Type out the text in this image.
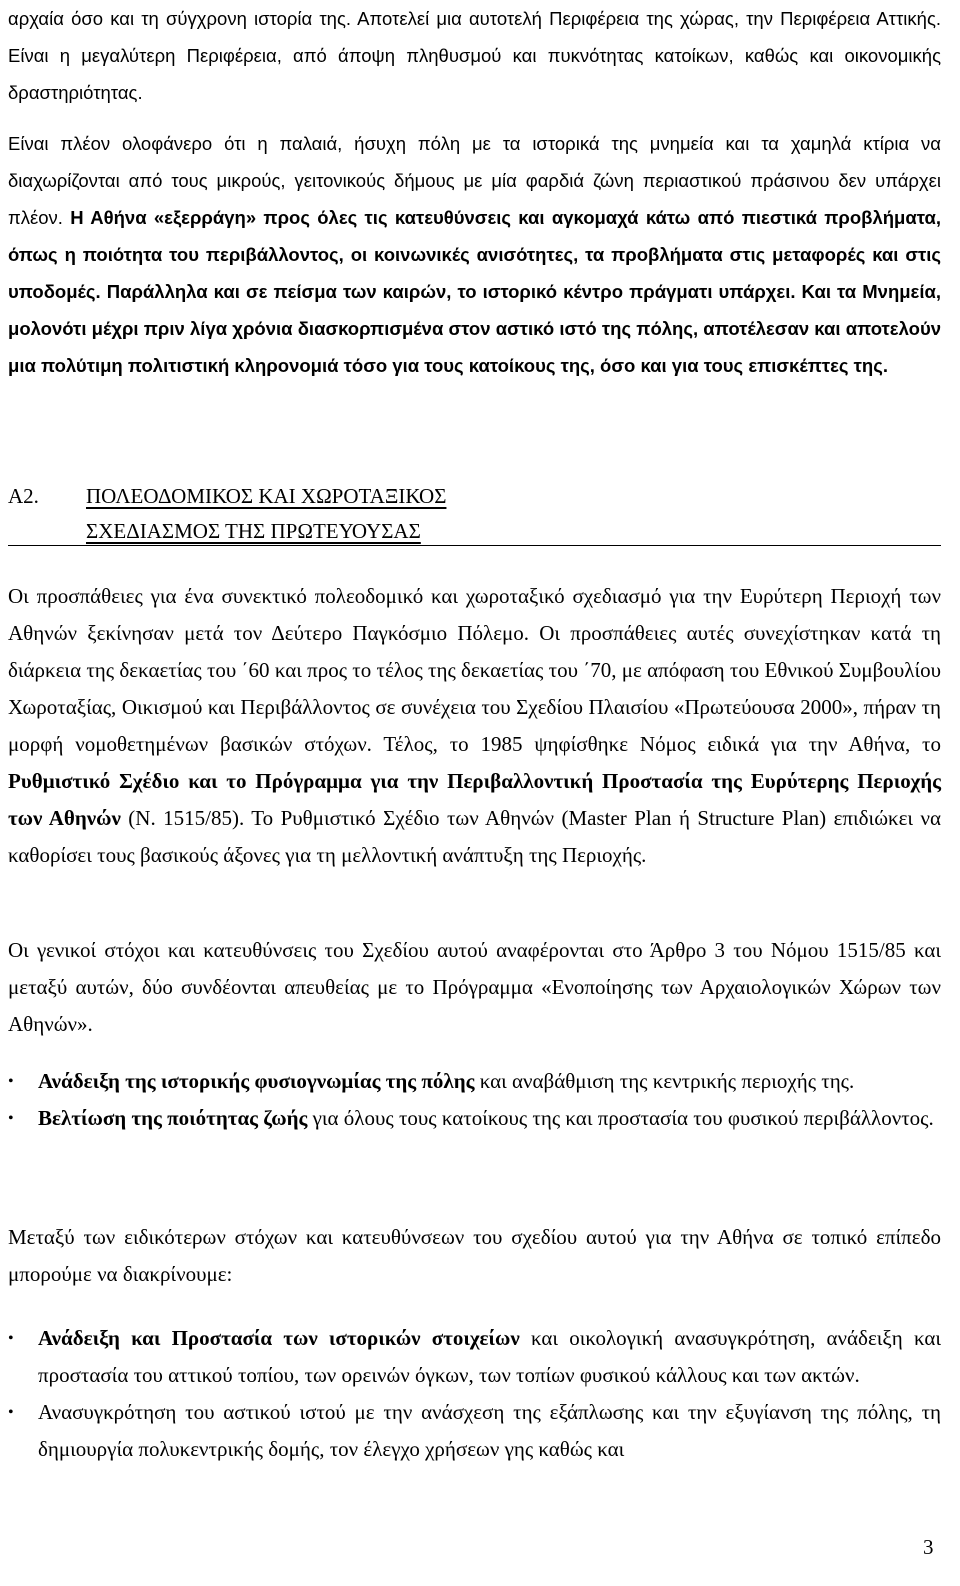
αρχαία όσο και τη σύγχρονη ιστορία της. Αποτελεί μια αυτοτελή Περιφέρεια της χώρας, την Περιφέρεια Αττικής. Είναι η μεγαλύτερη Περιφέρεια, από άποψη πληθυσμού και πυκνότητας κατοίκων, καθώς και οικονομικής δραστηριότητας.

Είναι πλέον ολοφάνερο ότι η παλαιά, ήσυχη πόλη με τα ιστορικά της μνημεία και τα χαμηλά κτίρια να διαχωρίζονται από τους μικρούς, γειτονικούς δήμους με μία φαρδιά ζώνη περιαστικού πράσινου δεν υπάρχει πλέον. Η Αθήνα «εξερράγη» προς όλες τις κατευθύνσεις και αγκομαχά κάτω από πιεστικά προβλήματα, όπως η ποιότητα του περιβάλλοντος, οι κοινωνικές ανισότητες, τα προβλήματα στις μεταφορές και στις υποδομές. Παράλληλα και σε πείσμα των καιρών, το ιστορικό κέντρο πράγματι υπάρχει. Και τα Μνημεία, μολονότι μέχρι πριν λίγα χρόνια διασκορπισμένα στον αστικό ιστό της πόλης, αποτέλεσαν και αποτελούν μια πολύτιμη πολιτιστική κληρονομιά τόσο για τους κατοίκους της, όσο και για τους επισκέπτες της.

Α2. ΠΟΛΕΟΔΟΜΙΚΟΣ ΚΑΙ ΧΩΡΟΤΑΞΙΚΟΣ
ΣΧΕΔΙΑΣΜΟΣ ΤΗΣ ΠΡΩΤΕΥΟΥΣΑΣ

Οι προσπάθειες για ένα συνεκτικό πολεοδομικό και χωροταξικό σχεδιασμό για την Ευρύτερη Περιοχή των Αθηνών ξεκίνησαν μετά τον Δεύτερο Παγκόσμιο Πόλεμο. Οι προσπάθειες αυτές συνεχίστηκαν κατά τη διάρκεια της δεκαετίας του ΄60 και προς το τέλος της δεκαετίας του ΄70, με απόφαση του Εθνικού Συμβουλίου Χωροταξίας, Οικισμού και Περιβάλλοντος σε συνέχεια του Σχεδίου Πλαισίου «Πρωτεύουσα 2000», πήραν τη μορφή νομοθετημένων βασικών στόχων. Τέλος, το 1985 ψηφίσθηκε Νόμος ειδικά για την Αθήνα, το Ρυθμιστικό Σχέδιο και το Πρόγραμμα για την Περιβαλλοντική Προστασία της Ευρύτερης Περιοχής των Αθηνών (Ν. 1515/85). Το Ρυθμιστικό Σχέδιο των Αθηνών (Master Plan ή Structure Plan) επιδιώκει να καθορίσει τους βασικούς άξονες για τη μελλοντική ανάπτυξη της Περιοχής.

Οι γενικοί στόχοι και κατευθύνσεις του Σχεδίου αυτού αναφέρονται στο Άρθρο 3 του Νόμου 1515/85 και μεταξύ αυτών, δύο συνδέονται απευθείας με το Πρόγραμμα «Ενοποίησης των Αρχαιολογικών Χώρων των Αθηνών».

• Ανάδειξη της ιστορικής φυσιογνωμίας της πόλης και αναβάθμιση της κεντρικής περιοχής της.
• Βελτίωση της ποιότητας ζωής για όλους τους κατοίκους της και προστασία του φυσικού περιβάλλοντος.

Μεταξύ των ειδικότερων στόχων και κατευθύνσεων του σχεδίου αυτού για την Αθήνα σε τοπικό επίπεδο μπορούμε να διακρίνουμε:

• Ανάδειξη και Προστασία των ιστορικών στοιχείων και οικολογική ανασυγκρότηση, ανάδειξη και προστασία του αττικού τοπίου, των ορεινών όγκων, των τοπίων φυσικού κάλλους και των ακτών.
• Ανασυγκρότηση του αστικού ιστού με την ανάσχεση της εξάπλωσης και την εξυγίανση της πόλης, τη δημιουργία πολυκεντρικής δομής, τον έλεγχο χρήσεων γης καθώς και
3
